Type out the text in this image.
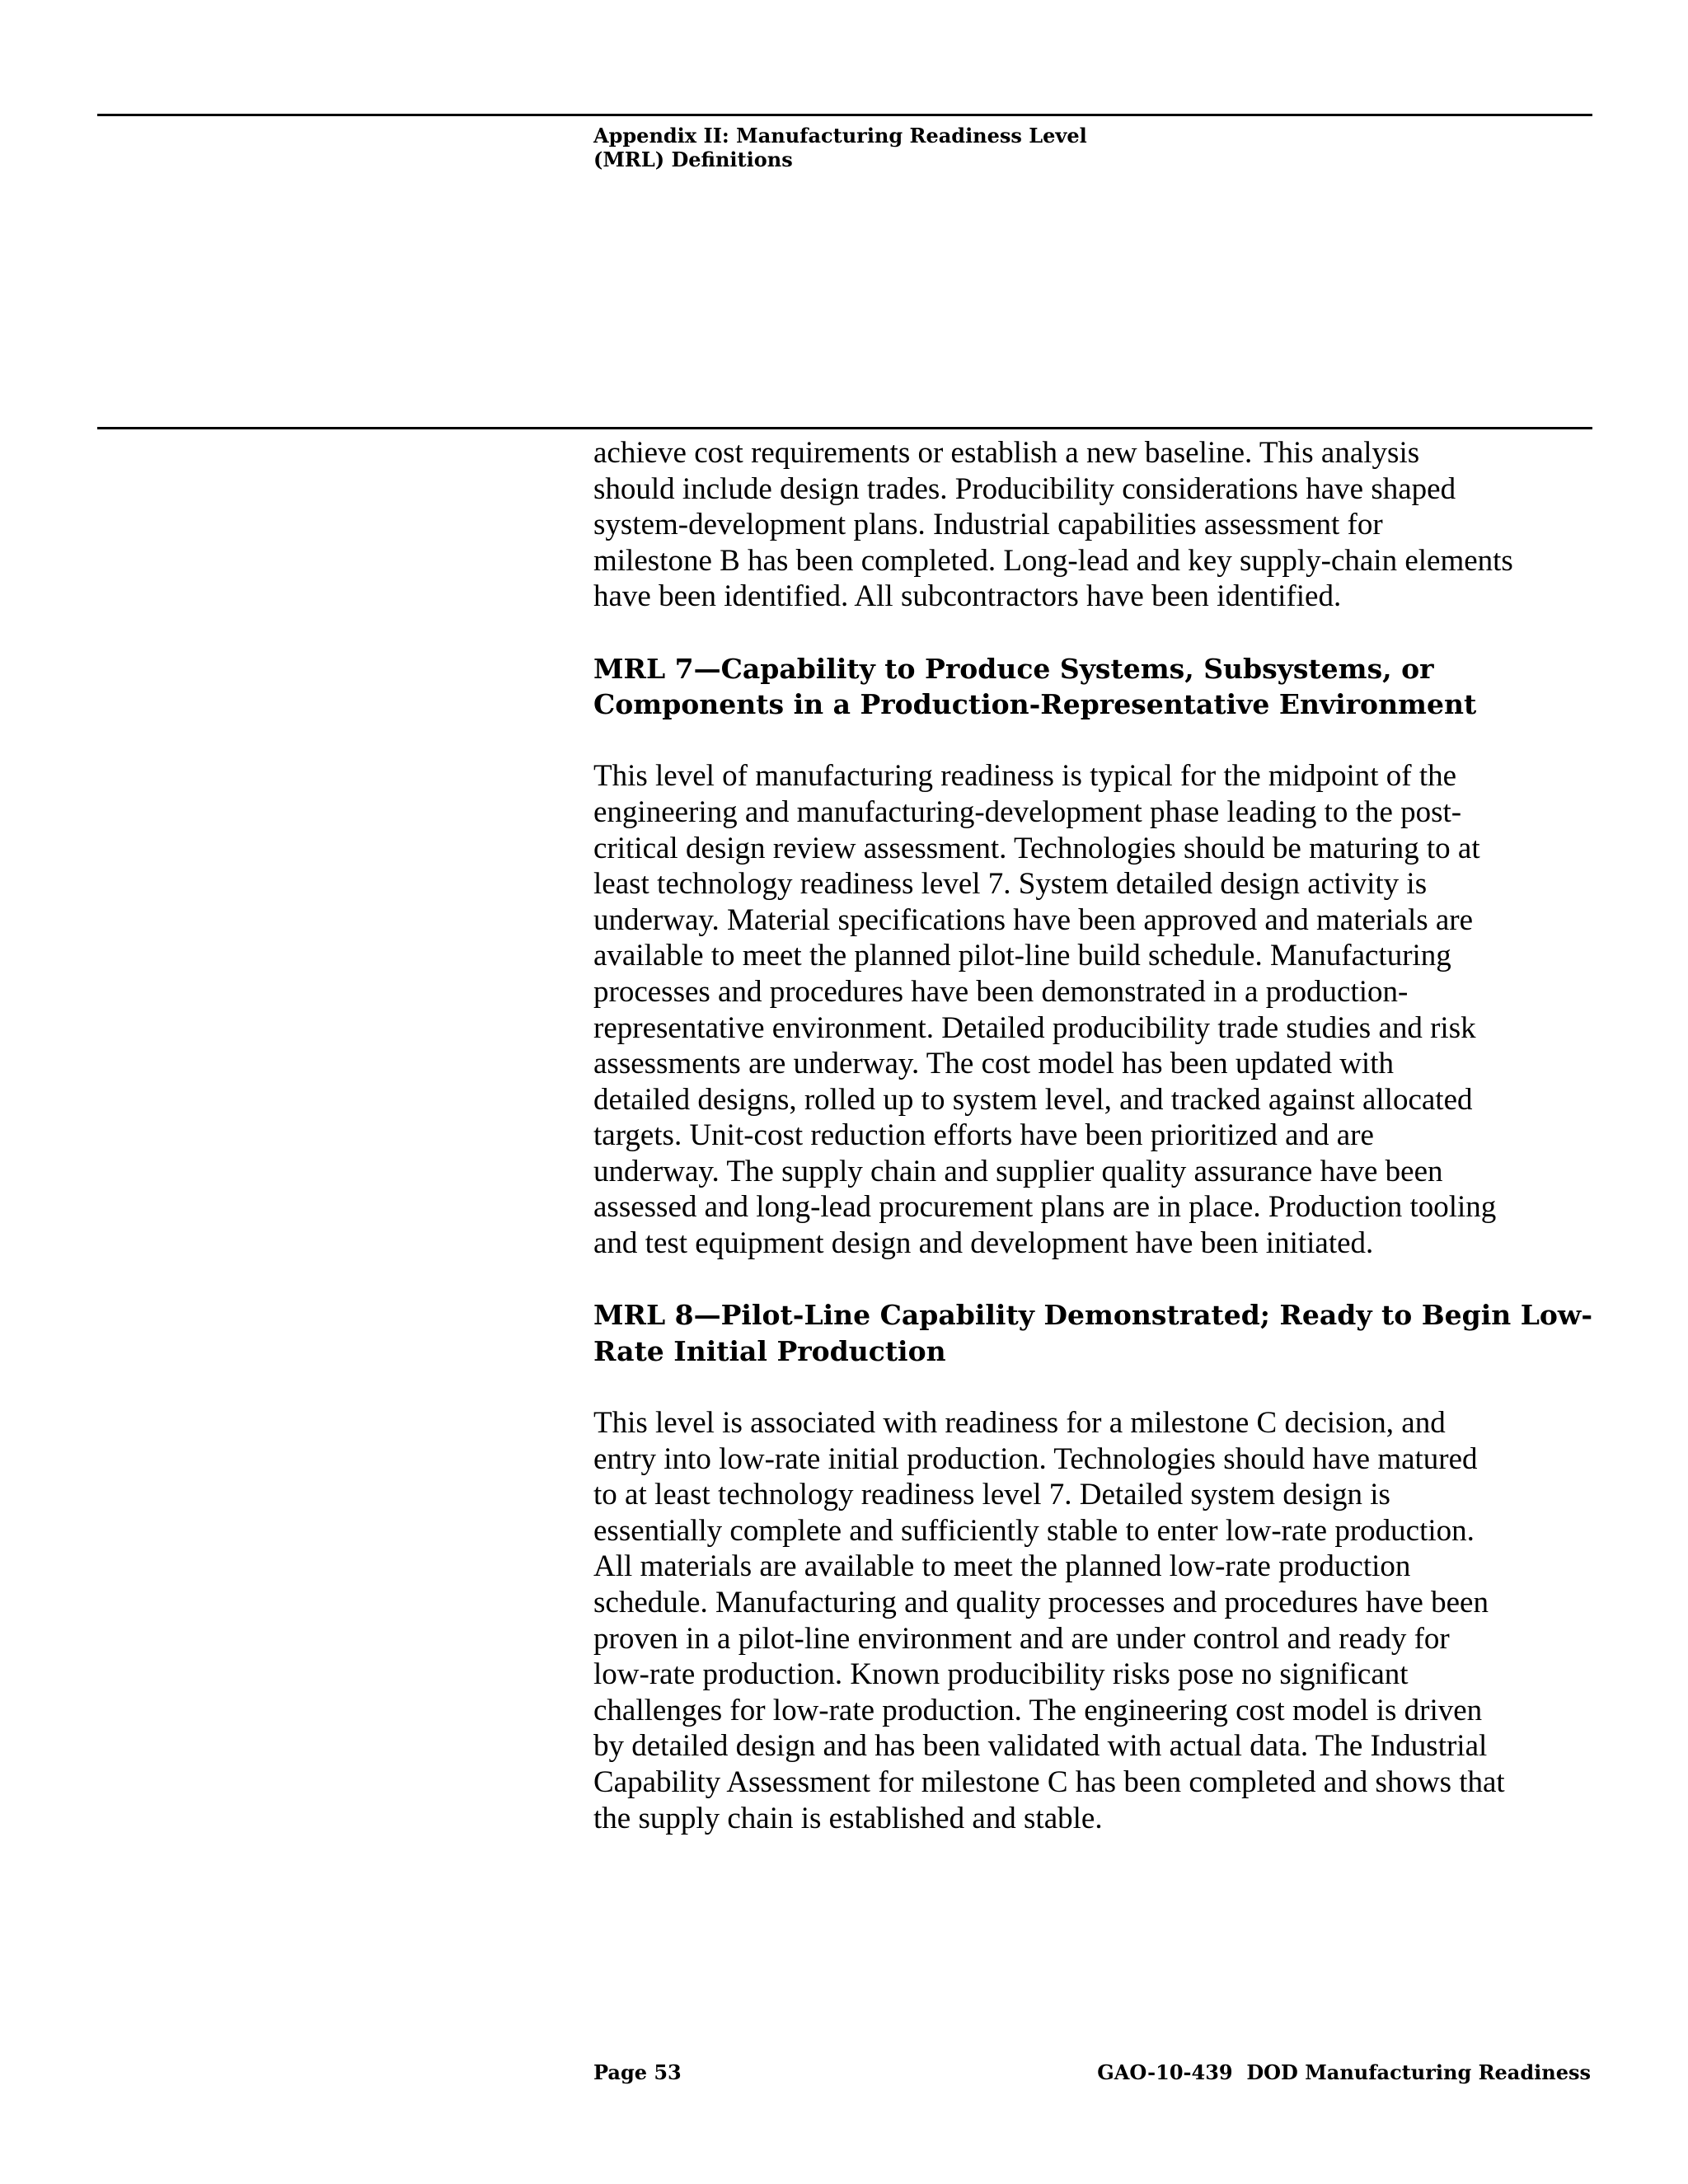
Appendix II: Manufacturing Readiness Level
(MRL) Definitions

achieve cost requirements or establish a new baseline. This analysis
should include design trades. Producibility considerations have shaped
system-development plans. Industrial capabilities assessment for
milestone B has been completed. Long-lead and key supply-chain elements
have been identified. All subcontractors have been identified.

MRL 7—Capability to Produce Systems, Subsystems, or
Components in a Production-Representative Environment

This level of manufacturing readiness is typical for the midpoint of the
engineering and manufacturing-development phase leading to the post-
critical design review assessment. Technologies should be maturing to at
least technology readiness level 7. System detailed design activity is
underway. Material specifications have been approved and materials are
available to meet the planned pilot-line build schedule. Manufacturing
processes and procedures have been demonstrated in a production-
representative environment. Detailed producibility trade studies and risk
assessments are underway. The cost model has been updated with
detailed designs, rolled up to system level, and tracked against allocated
targets. Unit-cost reduction efforts have been prioritized and are
underway. The supply chain and supplier quality assurance have been
assessed and long-lead procurement plans are in place. Production tooling
and test equipment design and development have been initiated.

MRL 8—Pilot-Line Capability Demonstrated; Ready to Begin Low-
Rate Initial Production

This level is associated with readiness for a milestone C decision, and
entry into low-rate initial production. Technologies should have matured
to at least technology readiness level 7. Detailed system design is
essentially complete and sufficiently stable to enter low-rate production.
All materials are available to meet the planned low-rate production
schedule. Manufacturing and quality processes and procedures have been
proven in a pilot-line environment and are under control and ready for
low-rate production. Known producibility risks pose no significant
challenges for low-rate production. The engineering cost model is driven
by detailed design and has been validated with actual data. The Industrial
Capability Assessment for milestone C has been completed and shows that
the supply chain is established and stable.

Page 53	GAO-10-439  DOD Manufacturing Readiness
